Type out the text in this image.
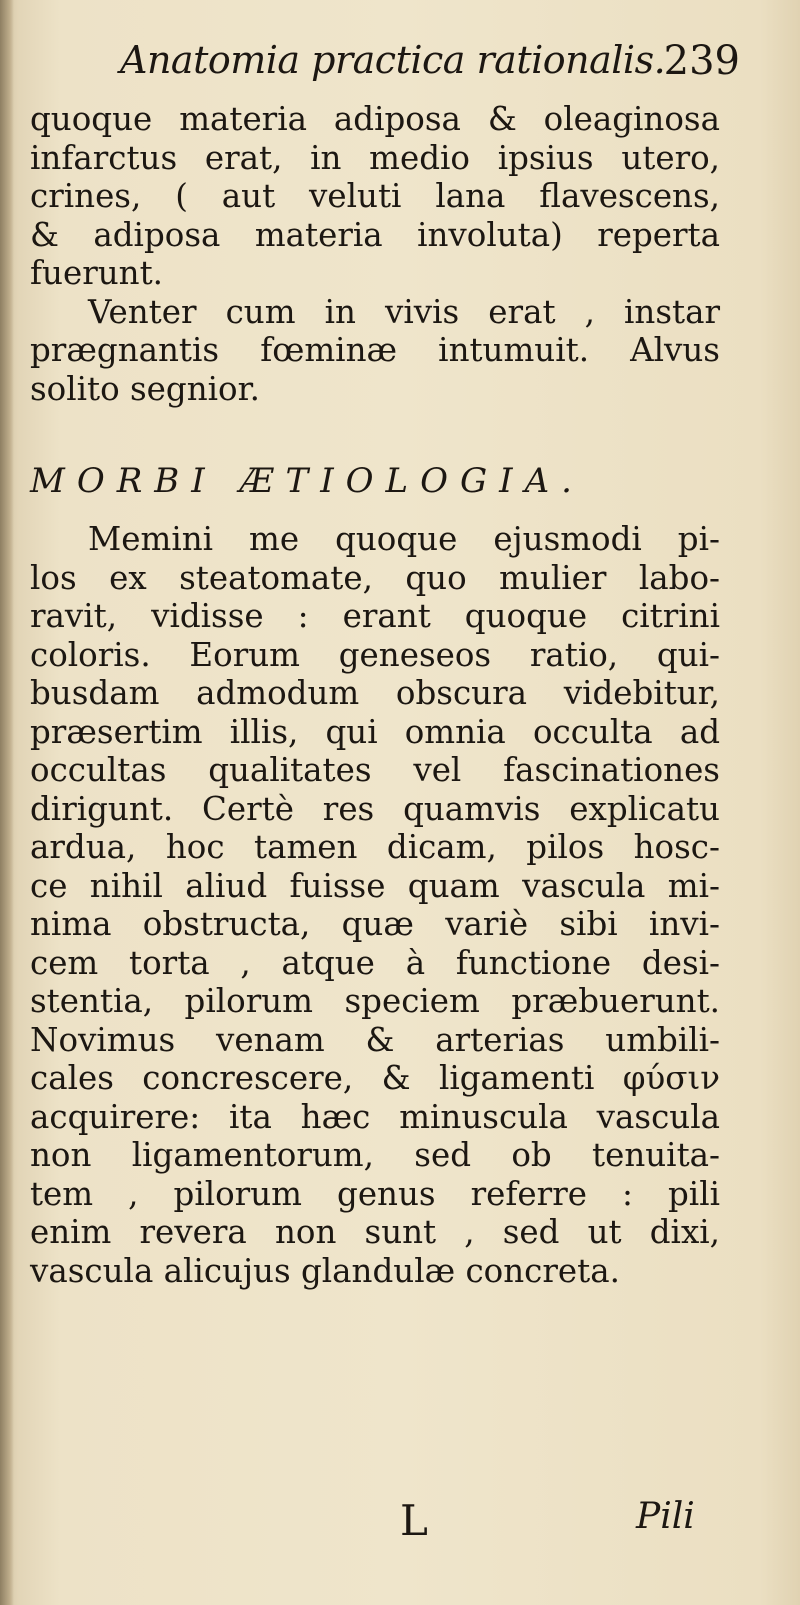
Anatomia practica rationalis.
239
quoque materia adiposa & oleaginosa
infarctus erat, in medio ipsius utero,
crines, ( aut veluti lana flavescens,
& adiposa materia involuta) reperta
fuerunt.
Venter cum in vivis erat , instar
prægnantis fœminæ intumuit. Alvus
solito segnior.
MORBI ÆTIOLOGIA.
Memini me quoque ejusmodi pi-
los ex steatomate, quo mulier labo-
ravit, vidisse : erant quoque citrini
coloris. Eorum geneseos ratio, qui-
busdam admodum obscura videbitur,
præsertim illis, qui omnia occulta ad
occultas qualitates vel fascinationes
dirigunt. Certè res quamvis explicatu
ardua, hoc tamen dicam, pilos hosc-
ce nihil aliud fuisse quam vascula mi-
nima obstructa, quæ variè sibi invi-
cem torta , atque à functione desi-
stentia, pilorum speciem præbuerunt.
Novimus venam & arterias umbili-
cales concrescere, & ligamenti φύσιν
acquirere: ita hæc minuscula vascula
non ligamentorum, sed ob tenuita-
tem , pilorum genus referre : pili
enim revera non sunt , sed ut dixi,
vascula alicujus glandulæ concreta.
L	Pili
